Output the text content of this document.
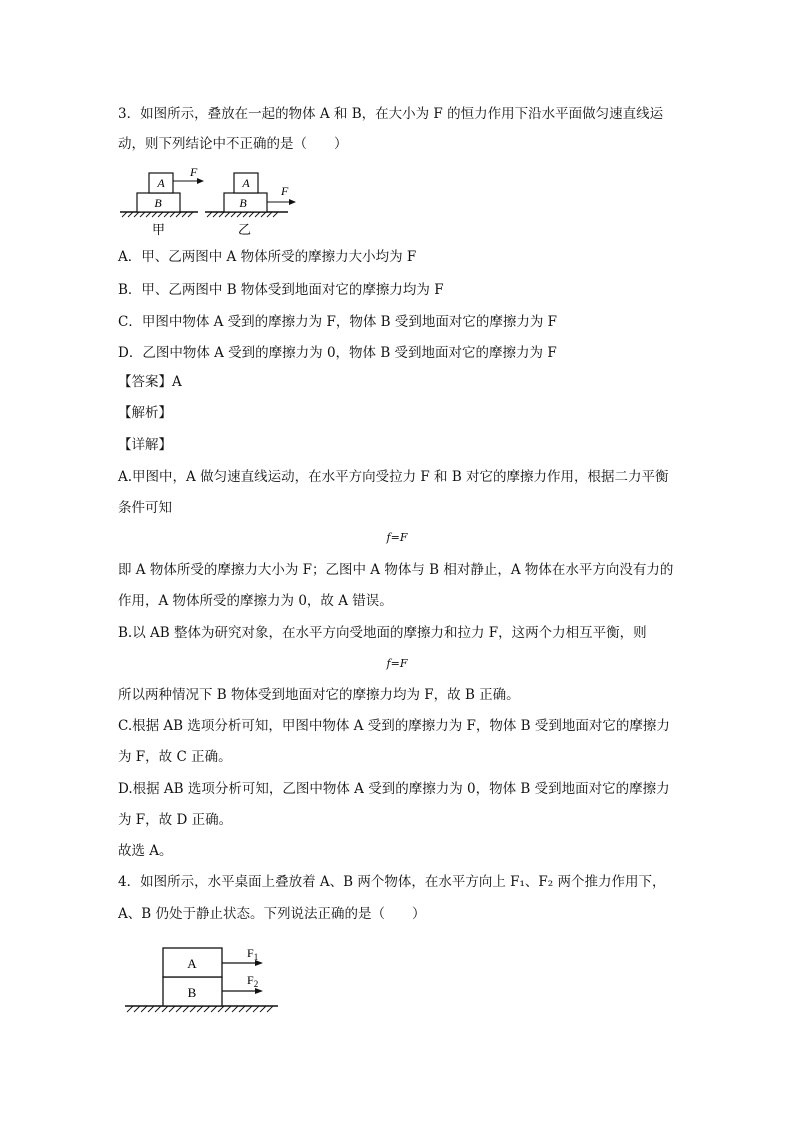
3．如图所示，叠放在一起的物体 A 和 B，在大小为 F 的恒力作用下沿水平面做匀速直线运
动，则下列结论中不正确的是（　　）
A
B
F
A
B
F
甲	乙
A．甲、乙两图中 A 物体所受的摩擦力大小均为 F
B．甲、乙两图中 B 物体受到地面对它的摩擦力均为 F
C．甲图中物体 A 受到的摩擦力为 F，物体 B 受到地面对它的摩擦力为 F
D．乙图中物体 A 受到的摩擦力为 0，物体 B 受到地面对它的摩擦力为 F
【答案】A
【解析】
【详解】
A.甲图中，A 做匀速直线运动，在水平方向受拉力 F 和 B 对它的摩擦力作用，根据二力平衡
条件可知
f=F
即 A 物体所受的摩擦力大小为 F；乙图中 A 物体与 B 相对静止，A 物体在水平方向没有力的
作用，A 物体所受的摩擦力为 0，故 A 错误。
B.以 AB 整体为研究对象，在水平方向受地面的摩擦力和拉力 F，这两个力相互平衡，则
f=F
所以两种情况下 B 物体受到地面对它的摩擦力均为 F，故 B 正确。
C.根据 AB 选项分析可知，甲图中物体 A 受到的摩擦力为 F，物体 B 受到地面对它的摩擦力
为 F，故 C 正确。
D.根据 AB 选项分析可知，乙图中物体 A 受到的摩擦力为 0，物体 B 受到地面对它的摩擦力
为 F，故 D 正确。
故选 A。
4．如图所示，水平桌面上叠放着 A、B 两个物体，在水平方向上 F₁、F₂ 两个推力作用下，
A、B 仍处于静止状态。下列说法正确的是（　　）
A
B
$F_1$
$F_2$
